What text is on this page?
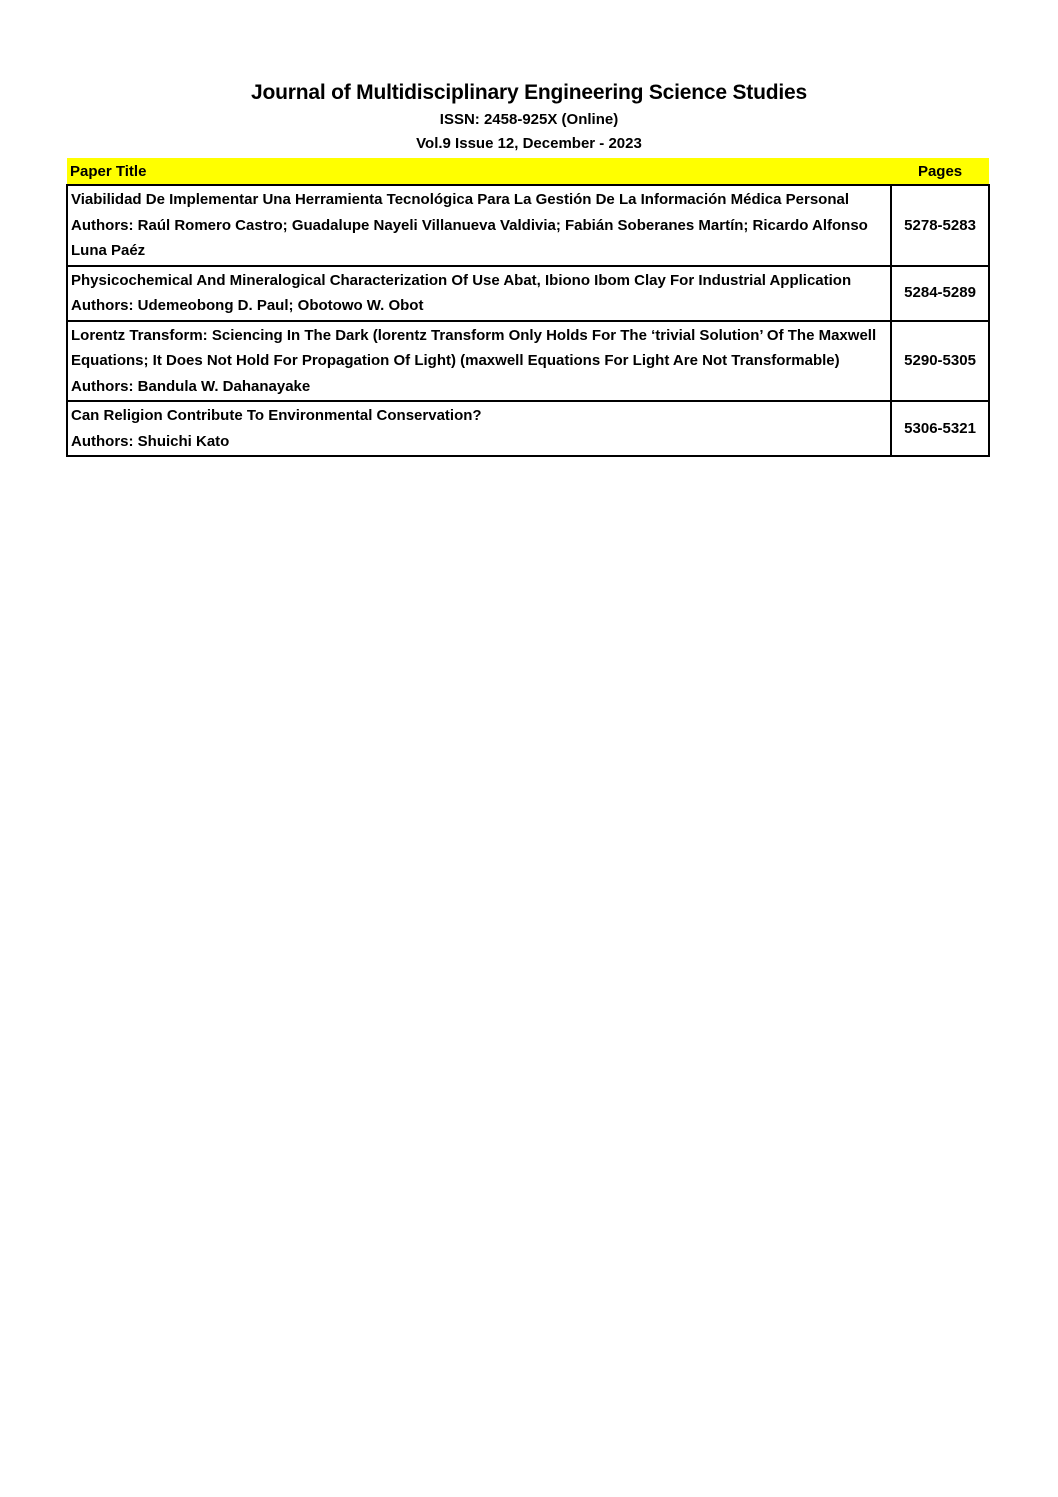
Journal of Multidisciplinary Engineering Science Studies
ISSN: 2458-925X (Online)
Vol.9 Issue 12, December - 2023
Paper Title	Pages

Viabilidad De Implementar Una Herramienta Tecnológica Para La Gestión De La Información Médica Personal
Authors: Raúl Romero Castro; Guadalupe Nayeli Villanueva Valdivia; Fabián Soberanes Martín; Ricardo Alfonso Luna Paéz	5278-5283

Physicochemical And Mineralogical Characterization Of Use Abat, Ibiono Ibom Clay For Industrial Application
Authors: Udemeobong D. Paul; Obotowo W. Obot	5284-5289

Lorentz Transform: Sciencing In The Dark (lorentz Transform Only Holds For The ‘trivial Solution’ Of The Maxwell Equations; It Does Not Hold For Propagation Of Light) (maxwell Equations For Light Are Not Transformable)
Authors: Bandula W. Dahanayake	5290-5305

Can Religion Contribute To Environmental Conservation?
Authors: Shuichi Kato	5306-5321
